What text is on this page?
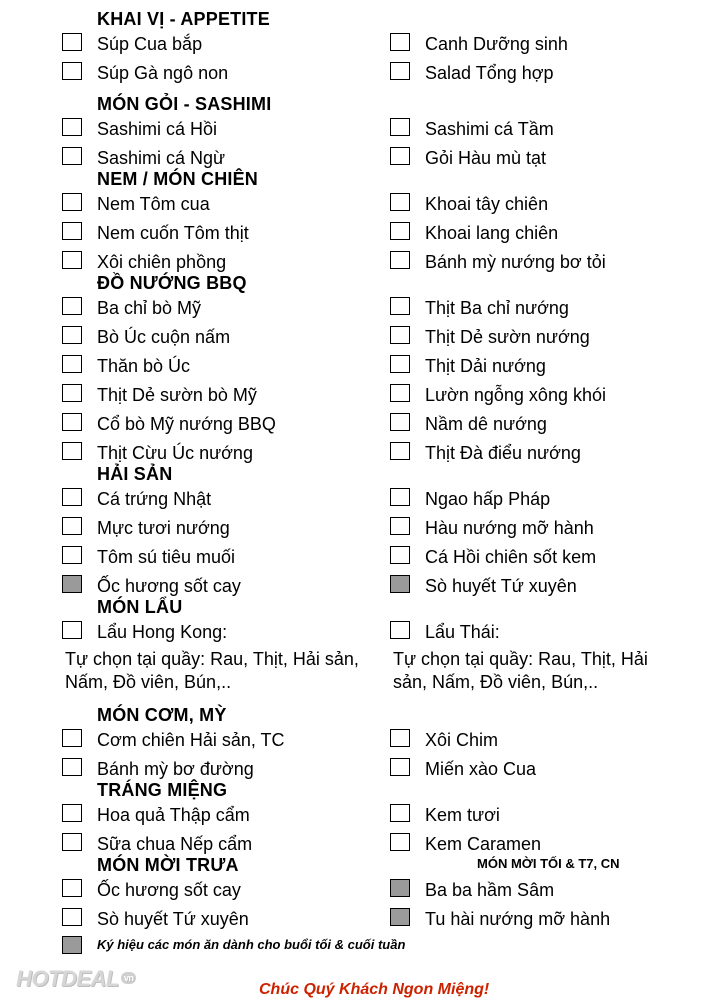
KHAI VỊ - APPETITE
Súp Cua bắp	Canh Dưỡng sinh
Súp Gà ngô non	Salad Tổng hợp
MÓN GỎI - SASHIMI
Sashimi cá Hồi	Sashimi cá Tầm
Sashimi cá Ngừ	Gỏi Hàu mù tạt
NEM / MÓN CHIÊN
Nem Tôm cua	Khoai tây chiên
Nem cuốn Tôm thịt	Khoai lang chiên
Xôi chiên phồng	Bánh mỳ nướng bơ tỏi
ĐỒ NƯỚNG BBQ
Ba chỉ bò Mỹ	Thịt Ba chỉ nướng
Bò Úc cuộn nấm	Thịt Dẻ sườn nướng
Thăn bò Úc	Thịt Dải nướng
Thịt Dẻ sườn bò Mỹ	Lườn ngỗng xông khói
Cổ bò Mỹ nướng BBQ	Nầm dê nướng
Thịt Cừu Úc nướng	Thịt Đà điểu nướng
HẢI SẢN
Cá trứng Nhật	Ngao hấp Pháp
Mực tươi nướng	Hàu nướng mỡ hành
Tôm sú tiêu muối	Cá Hồi chiên sốt kem
Ốc hương sốt cay	Sò huyết Tứ xuyên
MÓN LẨU
Lẩu Hong Kong:	Lẩu Thái:
Tự chọn tại quầy: Rau, Thịt, Hải sản, Nấm, Đồ viên, Bún,..
Tự chọn tại quầy: Rau, Thịt, Hải sản, Nấm, Đồ viên, Bún,..
MÓN CƠM, MỲ
Cơm chiên Hải sản, TC	Xôi Chim
Bánh mỳ bơ đường	Miến xào Cua
TRÁNG MIỆNG
Hoa quả Thập cẩm	Kem tươi
Sữa chua Nếp cẩm	Kem Caramen
MÓN MỜI TRƯA	MÓN MỜI TỐI & T7, CN
Ốc hương sốt cay	Ba ba hầm Sâm
Sò huyết Tứ xuyên	Tu hài nướng mỡ hành
Ký hiệu các món ăn dành cho buổi tối & cuối tuần
HOTDEAL vn
Chúc Quý Khách Ngon Miệng!
